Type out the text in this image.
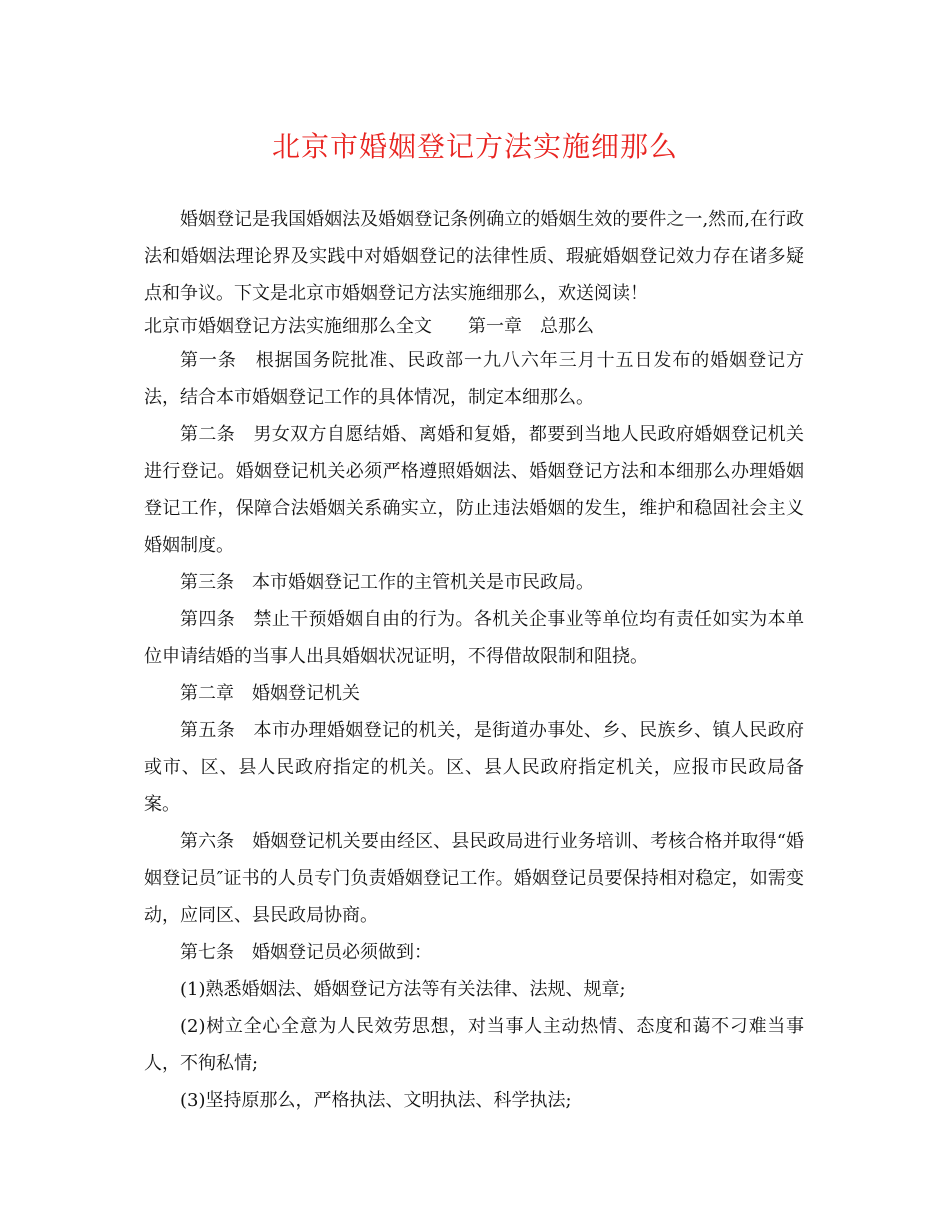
北京市婚姻登记方法实施细那么

婚姻登记是我国婚姻法及婚姻登记条例确立的婚姻生效的要件之一,然而,在行政法和婚姻法理论界及实践中对婚姻登记的法律性质、瑕疵婚姻登记效力存在诸多疑点和争议。下文是北京市婚姻登记方法实施细那么，欢送阅读！

北京市婚姻登记方法实施细那么全文 第一章 总那么

第一条 根据国务院批准、民政部一九八六年三月十五日发布的婚姻登记方法，结合本市婚姻登记工作的具体情况，制定本细那么。

第二条 男女双方自愿结婚、离婚和复婚，都要到当地人民政府婚姻登记机关进行登记。婚姻登记机关必须严格遵照婚姻法、婚姻登记方法和本细那么办理婚姻登记工作，保障合法婚姻关系确实立，防止违法婚姻的发生，维护和稳固社会主义婚姻制度。

第三条 本市婚姻登记工作的主管机关是市民政局。

第四条 禁止干预婚姻自由的行为。各机关企事业等单位均有责任如实为本单位申请结婚的当事人出具婚姻状况证明，不得借故限制和阻挠。

第二章 婚姻登记机关

第五条 本市办理婚姻登记的机关，是街道办事处、乡、民族乡、镇人民政府或市、区、县人民政府指定的机关。区、县人民政府指定机关，应报市民政局备案。

第六条 婚姻登记机关要由经区、县民政局进行业务培训、考核合格并取得“婚姻登记员″证书的人员专门负责婚姻登记工作。婚姻登记员要保持相对稳定，如需变动，应同区、县民政局协商。

第七条 婚姻登记员必须做到：

(1)熟悉婚姻法、婚姻登记方法等有关法律、法规、规章;

(2)树立全心全意为人民效劳思想，对当事人主动热情、态度和蔼不刁难当事人，不徇私情;

(3)坚持原那么，严格执法、文明执法、科学执法;
